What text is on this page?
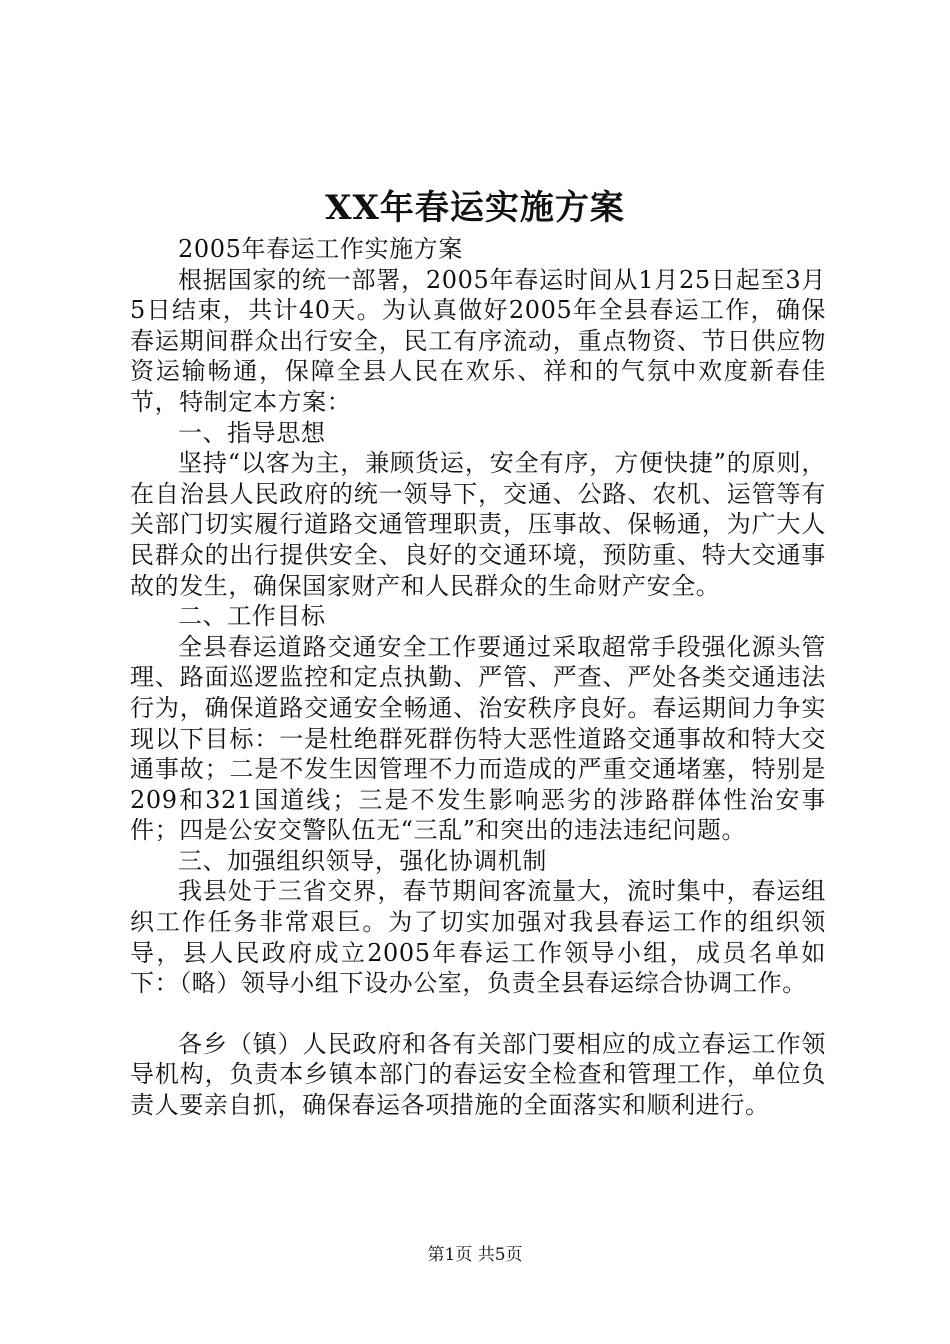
XX年春运实施方案

2005年春运工作实施方案

根据国家的统一部署，2005年春运时间从1月25日起至3月5日结束，共计40天。为认真做好2005年全县春运工作，确保春运期间群众出行安全，民工有序流动，重点物资、节日供应物资运输畅通，保障全县人民在欢乐、祥和的气氛中欢度新春佳节，特制定本方案：

一、指导思想

坚持“以客为主，兼顾货运，安全有序，方便快捷”的原则，在自治县人民政府的统一领导下，交通、公路、农机、运管等有关部门切实履行道路交通管理职责，压事故、保畅通，为广大人民群众的出行提供安全、良好的交通环境，预防重、特大交通事故的发生，确保国家财产和人民群众的生命财产安全。

二、工作目标

全县春运道路交通安全工作要通过采取超常手段强化源头管理、路面巡逻监控和定点执勤、严管、严查、严处各类交通违法行为，确保道路交通安全畅通、治安秩序良好。春运期间力争实现以下目标：一是杜绝群死群伤特大恶性道路交通事故和特大交通事故；二是不发生因管理不力而造成的严重交通堵塞，特别是209和321国道线；三是不发生影响恶劣的涉路群体性治安事件；四是公安交警队伍无“三乱”和突出的违法违纪问题。

三、加强组织领导，强化协调机制

我县处于三省交界，春节期间客流量大，流时集中，春运组织工作任务非常艰巨。为了切实加强对我县春运工作的组织领导，县人民政府成立2005年春运工作领导小组，成员名单如下：（略）领导小组下设办公室，负责全县春运综合协调工作。

各乡（镇）人民政府和各有关部门要相应的成立春运工作领导机构，负责本乡镇本部门的春运安全检查和管理工作，单位负责人要亲自抓，确保春运各项措施的全面落实和顺利进行。

第1页 共5页
